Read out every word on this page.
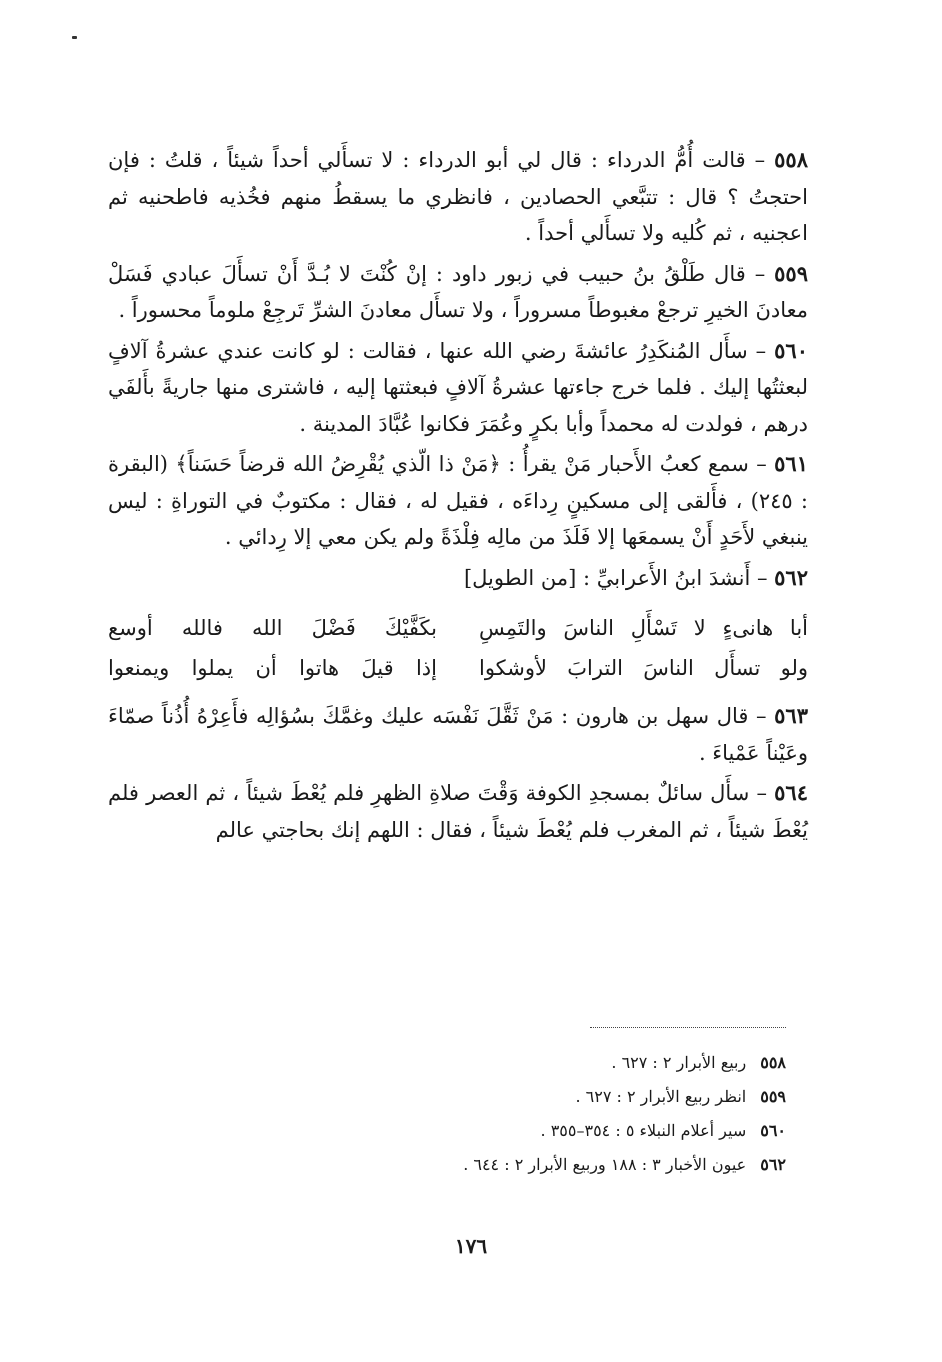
٥٥٨ – قالت أُمُّ الدرداء : قال لي أبو الدرداء : لا تسأَلي أحداً شيئاً ، قلتُ : فإن احتجتُ ؟ قال : تتبَّعي الحصادين ، فانظري ما يسقطُ منهم فخُذيه فاطحنيه ثم اعجنيه ، ثم كُليه ولا تسأَلي أحداً .

٥٥٩ – قال طَلْقُ بنُ حبيب في زبور داود : إنْ كُنْتَ لا بُـدَّ أَنْ تسأَلَ عبادي فَسَلْ معادنَ الخيرِ ترجعْ مغبوطاً مسروراً ، ولا تسأَل معادنَ الشرِّ تَرجِعْ ملوماً محسوراً .

٥٦٠ – سأَل المُنكَدِرُ عائشةَ رضي الله عنها ، فقالت : لو كانت عندي عشرةُ آلافٍ لبعثتُها إليك . فلما خرج جاءتها عشرةُ آلافٍ فبعثتها إليه ، فاشترى منها جاريةً بأَلفَي درهم ، فولدت له محمداً وأبا بكرٍ وعُمَرَ فكانوا عُبَّادَ المدينة .

٥٦١ – سمع كعبُ الأَحبار مَنْ يقرأُ : ﴿مَنْ ذا الّذي يُقْرِضُ الله قرضاً حَسَناً﴾ (البقرة : ٢٤٥) ، فأَلقى إلى مسكينٍ رِداءَه ، فقيل له ، فقال : مكتوبٌ في التوراةِ : ليس ينبغي لأَحَدٍ أَنْ يسمعَها إلا فَلَذَ من مالِه فِلْذَةً ولم يكن معي إلا رِدائي .

٥٦٢ – أَنشدَ ابنُ الأَعرابيِّ : [من الطويل]

أبا هانىءٍ لا تَسْأَلِ الناسَ والتَمِسِ
بكَفَّيْكَ فَضْلَ الله فالله أوسع
ولو تسأَل الناسَ الترابَ لأوشكوا
إذا قيلَ هاتوا أن يملوا ويمنعوا

٥٦٣ – قال سهل بن هارون : مَنْ ثَقَّلَ نَفْسَه عليك وغمَّكَ بسُؤالِه فأَعِرْهُ أُذُناً صمّاءَ وعَيْناً عَمْياءَ .

٥٦٤ – سأَل سائلٌ بمسجدِ الكوفة وَقْتَ صلاةِ الظهرِ فلم يُعْطَ شيئاً ، ثم العصر فلم يُعْطَ شيئاً ، ثم المغرب فلم يُعْطَ شيئاً ، فقال : اللهم إنك بحاجتي عالم

٥٥٨ربيع الأبرار ٢ : ٦٢٧ .
٥٥٩انظر ربيع الأبرار ٢ : ٦٢٧ .
٥٦٠سير أعلام النبلاء ٥ : ٣٥٤–٣٥٥ .
٥٦٢عيون الأخبار ٣ : ١٨٨ وربيع الأبرار ٢ : ٦٤٤ .
١٧٦
